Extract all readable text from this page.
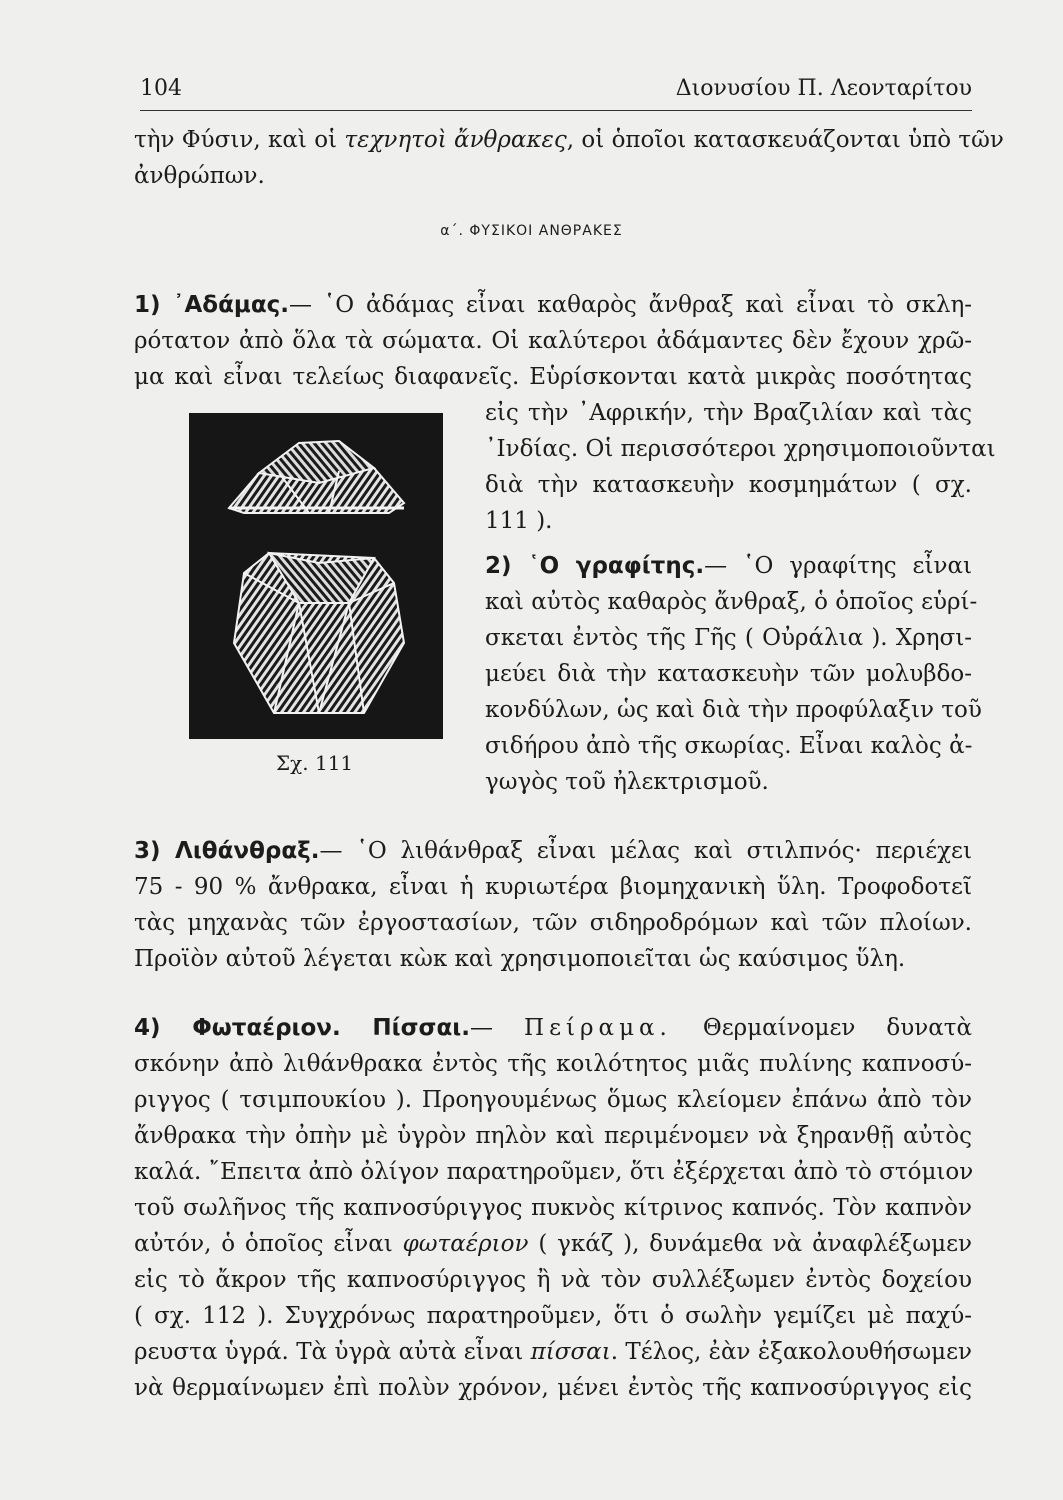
104	Διονυσίου Π. Λεονταρίτου
τὴν Φύσιν, καὶ οἱ τεχνητοὶ ἄνθρακες, οἱ ὁποῖοι κατασκευάζονται ὑπὸ τῶν
ἀνθρώπων.
α΄. ΦΥΣΙΚΟΙ ΑΝΘΡΑΚΕΣ
1) ᾿Αδάμας.— ῾Ο ἀδάμας εἶναι καθαρὸς ἄνθραξ καὶ εἶναι τὸ σκλη-
ρότατον ἀπὸ ὅλα τὰ σώματα. Οἱ καλύτεροι ἀδάμαντες δὲν ἔχουν χρῶ-
μα καὶ εἶναι τελείως διαφανεῖς. Εὑρίσκονται κατὰ μικρὰς ποσότητας
εἰς τὴν ᾿Αφρικήν, τὴν Βραζιλίαν καὶ τὰς
᾿Ινδίας. Οἱ περισσότεροι χρησιμοποιοῦνται
διὰ τὴν κατασκευὴν κοσμημάτων ( σχ.
111 ).
Σχ. 111
2) ῾Ο γραφίτης.— ῾Ο γραφίτης εἶναι
καὶ αὐτὸς καθαρὸς ἄνθραξ, ὁ ὁποῖος εὑρί-
σκεται ἐντὸς τῆς Γῆς ( Οὐράλια ). Χρησι-
μεύει διὰ τὴν κατασκευὴν τῶν μολυβδο-
κονδύλων, ὡς καὶ διὰ τὴν προφύλαξιν τοῦ
σιδήρου ἀπὸ τῆς σκωρίας. Εἶναι καλὸς ἀ-
γωγὸς τοῦ ἠλεκτρισμοῦ.
3) Λιθάνθραξ.— ῾Ο λιθάνθραξ εἶναι μέλας καὶ στιλπνός· περιέχει
75 - 90 % ἄνθρακα, εἶναι ἡ κυριωτέρα βιομηχανικὴ ὕλη. Τροφοδοτεῖ
τὰς μηχανὰς τῶν ἐργοστασίων, τῶν σιδηροδρόμων καὶ τῶν πλοίων.
Προϊὸν αὐτοῦ λέγεται κὼκ καὶ χρησιμοποιεῖται ὡς καύσιμος ὕλη.
4) Φωταέριον. Πίσσαι.— Πείραμα. Θερμαίνομεν δυνατὰ
σκόνην ἀπὸ λιθάνθρακα ἐντὸς τῆς κοιλότητος μιᾶς πυλίνης καπνοσύ-
ριγγος ( τσιμπουκίου ). Προηγουμένως ὅμως κλείομεν ἐπάνω ἀπὸ τὸν
ἄνθρακα τὴν ὀπὴν μὲ ὑγρὸν πηλὸν καὶ περιμένομεν νὰ ξηρανθῇ αὐτὸς
καλά. ῎Επειτα ἀπὸ ὀλίγον παρατηροῦμεν, ὅτι ἐξέρχεται ἀπὸ τὸ στόμιον
τοῦ σωλῆνος τῆς καπνοσύριγγος πυκνὸς κίτρινος καπνός. Τὸν καπνὸν
αὐτόν, ὁ ὁποῖος εἶναι φωταέριον ( γκάζ ), δυνάμεθα νὰ ἀναφλέξωμεν
εἰς τὸ ἄκρον τῆς καπνοσύριγγος ἢ νὰ τὸν συλλέξωμεν ἐντὸς δοχείου
( σχ. 112 ). Συγχρόνως παρατηροῦμεν, ὅτι ὁ σωλὴν γεμίζει μὲ παχύ-
ρευστα ὑγρά. Τὰ ὑγρὰ αὐτὰ εἶναι πίσσαι. Τέλος, ἐὰν ἐξακολουθήσωμεν
νὰ θερμαίνωμεν ἐπὶ πολὺν χρόνον, μένει ἐντὸς τῆς καπνοσύριγγος εἰς
